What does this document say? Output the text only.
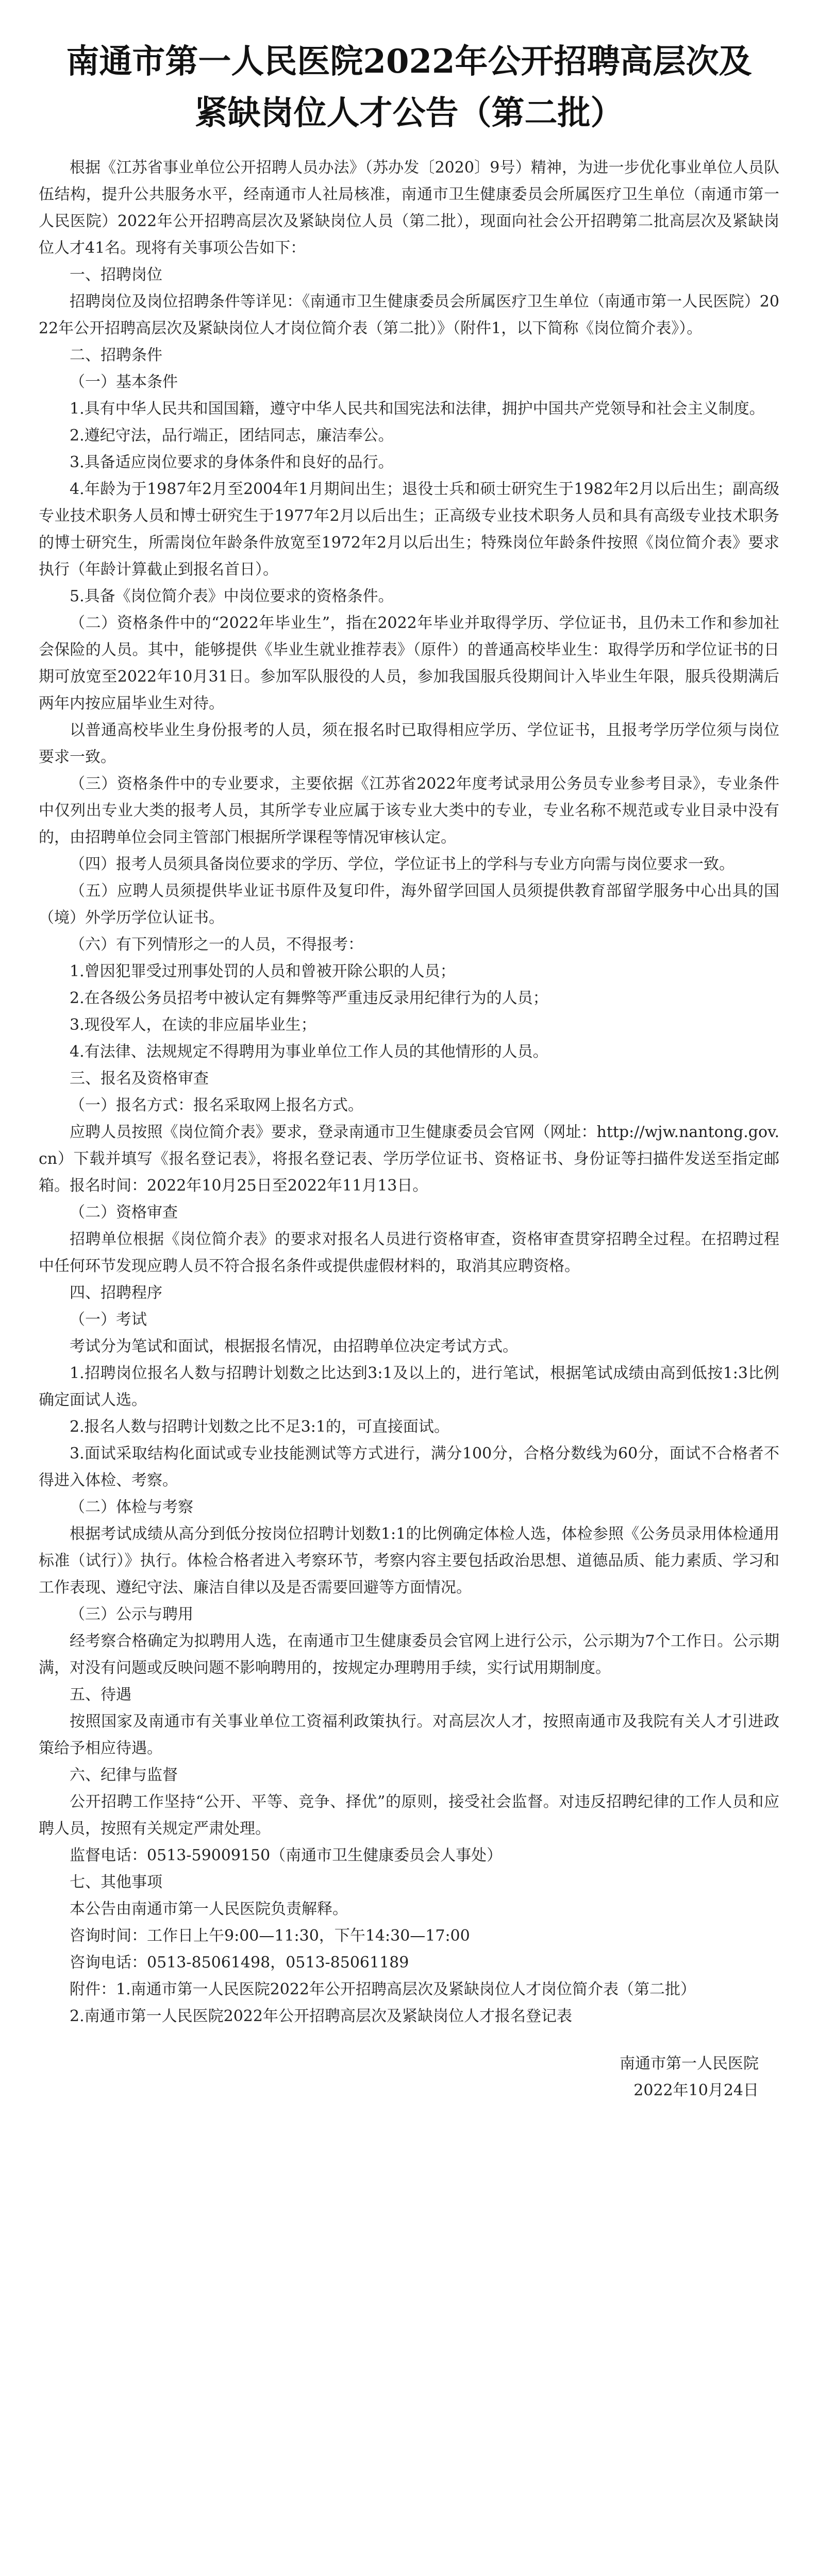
南通市第一人民医院2022年公开招聘高层次及
紧缺岗位人才公告（第二批）

根据《江苏省事业单位公开招聘人员办法》（苏办发〔2020〕9号）精神，为进一步优化事业单位人员队伍结构，提升公共服务水平，经南通市人社局核准，南通市卫生健康委员会所属医疗卫生单位（南通市第一人民医院）2022年公开招聘高层次及紧缺岗位人员（第二批），现面向社会公开招聘第二批高层次及紧缺岗位人才41名。现将有关事项公告如下：

一、招聘岗位

招聘岗位及岗位招聘条件等详见：《南通市卫生健康委员会所属医疗卫生单位（南通市第一人民医院）2022年公开招聘高层次及紧缺岗位人才岗位简介表（第二批）》（附件1，以下简称《岗位简介表》）。

二、招聘条件

（一）基本条件

1.具有中华人民共和国国籍，遵守中华人民共和国宪法和法律，拥护中国共产党领导和社会主义制度。

2.遵纪守法，品行端正，团结同志，廉洁奉公。

3.具备适应岗位要求的身体条件和良好的品行。

4.年龄为于1987年2月至2004年1月期间出生；退役士兵和硕士研究生于1982年2月以后出生；副高级专业技术职务人员和博士研究生于1977年2月以后出生；正高级专业技术职务人员和具有高级专业技术职务的博士研究生，所需岗位年龄条件放宽至1972年2月以后出生；特殊岗位年龄条件按照《岗位简介表》要求执行（年龄计算截止到报名首日）。

5.具备《岗位简介表》中岗位要求的资格条件。

（二）资格条件中的“2022年毕业生”，指在2022年毕业并取得学历、学位证书，且仍未工作和参加社会保险的人员。其中，能够提供《毕业生就业推荐表》（原件）的普通高校毕业生：取得学历和学位证书的日期可放宽至2022年10月31日。参加军队服役的人员，参加我国服兵役期间计入毕业生年限，服兵役期满后两年内按应届毕业生对待。

以普通高校毕业生身份报考的人员，须在报名时已取得相应学历、学位证书，且报考学历学位须与岗位要求一致。

（三）资格条件中的专业要求，主要依据《江苏省2022年度考试录用公务员专业参考目录》，专业条件中仅列出专业大类的报考人员，其所学专业应属于该专业大类中的专业，专业名称不规范或专业目录中没有的，由招聘单位会同主管部门根据所学课程等情况审核认定。

（四）报考人员须具备岗位要求的学历、学位，学位证书上的学科与专业方向需与岗位要求一致。

（五）应聘人员须提供毕业证书原件及复印件，海外留学回国人员须提供教育部留学服务中心出具的国（境）外学历学位认证书。

（六）有下列情形之一的人员，不得报考：

1.曾因犯罪受过刑事处罚的人员和曾被开除公职的人员；

2.在各级公务员招考中被认定有舞弊等严重违反录用纪律行为的人员；

3.现役军人，在读的非应届毕业生；

4.有法律、法规规定不得聘用为事业单位工作人员的其他情形的人员。

三、报名及资格审查

（一）报名方式：报名采取网上报名方式。

应聘人员按照《岗位简介表》要求，登录南通市卫生健康委员会官网（网址：http://wjw.nantong.gov.cn）下载并填写《报名登记表》，将报名登记表、学历学位证书、资格证书、身份证等扫描件发送至指定邮箱。报名时间：2022年10月25日至2022年11月13日。

（二）资格审查

招聘单位根据《岗位简介表》的要求对报名人员进行资格审查，资格审查贯穿招聘全过程。在招聘过程中任何环节发现应聘人员不符合报名条件或提供虚假材料的，取消其应聘资格。

四、招聘程序

（一）考试

考试分为笔试和面试，根据报名情况，由招聘单位决定考试方式。

1.招聘岗位报名人数与招聘计划数之比达到3:1及以上的，进行笔试，根据笔试成绩由高到低按1:3比例确定面试人选。

2.报名人数与招聘计划数之比不足3:1的，可直接面试。

3.面试采取结构化面试或专业技能测试等方式进行，满分100分，合格分数线为60分，面试不合格者不得进入体检、考察。

（二）体检与考察

根据考试成绩从高分到低分按岗位招聘计划数1:1的比例确定体检人选，体检参照《公务员录用体检通用标准（试行）》执行。体检合格者进入考察环节，考察内容主要包括政治思想、道德品质、能力素质、学习和工作表现、遵纪守法、廉洁自律以及是否需要回避等方面情况。

（三）公示与聘用

经考察合格确定为拟聘用人选，在南通市卫生健康委员会官网上进行公示，公示期为7个工作日。公示期满，对没有问题或反映问题不影响聘用的，按规定办理聘用手续，实行试用期制度。

五、待遇

按照国家及南通市有关事业单位工资福利政策执行。对高层次人才，按照南通市及我院有关人才引进政策给予相应待遇。

六、纪律与监督

公开招聘工作坚持“公开、平等、竞争、择优”的原则，接受社会监督。对违反招聘纪律的工作人员和应聘人员，按照有关规定严肃处理。

监督电话：0513-59009150（南通市卫生健康委员会人事处）

七、其他事项

本公告由南通市第一人民医院负责解释。

咨询时间：工作日上午9:00—11:30，下午14:30—17:00

咨询电话：0513-85061498，0513-85061189

附件：1.南通市第一人民医院2022年公开招聘高层次及紧缺岗位人才岗位简介表（第二批）

2.南通市第一人民医院2022年公开招聘高层次及紧缺岗位人才报名登记表

南通市第一人民医院
2022年10月24日
